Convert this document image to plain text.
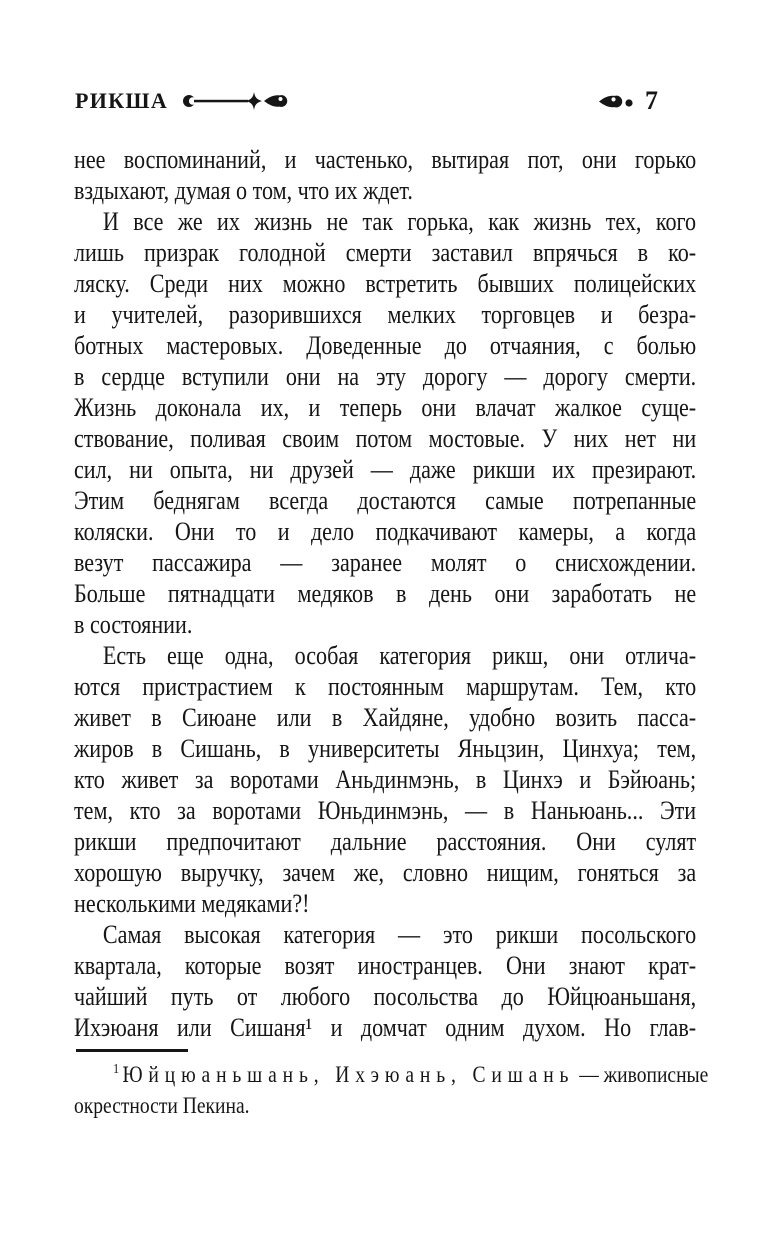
РИКША	7
нее воспоминаний, и частенько, вытирая пот, они горько
вздыхают, думая о том, что их ждет.
И все же их жизнь не так горька, как жизнь тех, кого
лишь призрак голодной смерти заставил впрячься в ко-
ляску. Среди них можно встретить бывших полицейских
и учителей, разорившихся мелких торговцев и безра-
ботных мастеровых. Доведенные до отчаяния, с болью
в сердце вступили они на эту дорогу — дорогу смерти.
Жизнь доконала их, и теперь они влачат жалкое суще-
ствование, поливая своим потом мостовые. У них нет ни
сил, ни опыта, ни друзей — даже рикши их презирают.
Этим беднягам всегда достаются самые потрепанные
коляски. Они то и дело подкачивают камеры, а когда
везут пассажира — заранее молят о снисхождении.
Больше пятнадцати медяков в день они заработать не
в состоянии.
Есть еще одна, особая категория рикш, они отлича-
ются пристрастием к постоянным маршрутам. Тем, кто
живет в Сиюане или в Хайдяне, удобно возить пасса-
жиров в Сишань, в университеты Яньцзин, Цинхуа; тем,
кто живет за воротами Аньдинмэнь, в Цинхэ и Бэйюань;
тем, кто за воротами Юньдинмэнь, — в Наньюань... Эти
рикши предпочитают дальние расстояния. Они сулят
хорошую выручку, зачем же, словно нищим, гоняться за
несколькими медяками?!
Самая высокая категория — это рикши посольского
квартала, которые возят иностранцев. Они знают крат-
чайший путь от любого посольства до Юйцюаньшаня,
Ихэюаня или Сишаня¹ и домчат одним духом. Но глав-
$^1$ Юйцюаньшань, Ихэюань, Сишань — живописные
окрестности Пекина.
